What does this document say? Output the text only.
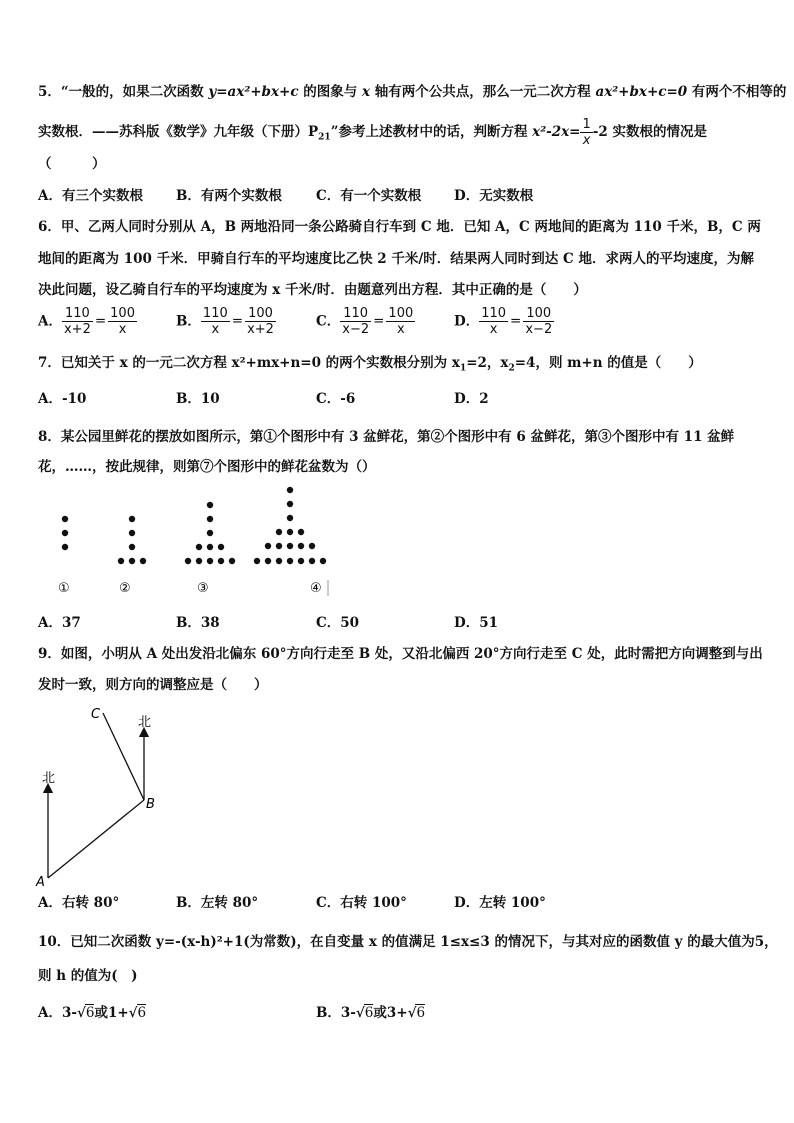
5．“一般的，如果二次函数 y=ax²+bx+c 的图象与 x 轴有两个公共点，那么一元二次方程 ax²+bx+c=0 有两个不相等的
实数根．——苏科版《数学》九年级（下册）$P_{21}$”参考上述教材中的话，判断方程 $x^2-2x= \frac{1}{x} -2$ 实数根的情况是
（　　　）
A．有三个实数根 B．有两个实数根	C．有一个实数根 D．无实数根
6．甲、乙两人同时分别从 A，B 两地沿同一条公路骑自行车到 C 地．已知 A，C 两地间的距离为 110 千米，B，C 两
地间的距离为 100 千米．甲骑自行车的平均速度比乙快 2 千米/时．结果两人同时到达 C 地．求两人的平均速度，为解
决此问题，设乙骑自行车的平均速度为 x 千米/时．由题意列出方程．其中正确的是（　　）
A． $\frac{110}{x+2} = \frac{100}{x}$	B． $\frac{110}{x} = \frac{100}{x+2}$	C． $\frac{110}{x-2} = \frac{100}{x}$	D． $\frac{110}{x} = \frac{100}{x-2}$
7．已知关于 x 的一元二次方程 x²+mx+n=0 的两个实数根分别为 $x_1=2$，$x_2=4$，则 m+n 的值是（　　）
A．-10	B．10	C．-6	D．2
8．某公园里鲜花的摆放如图所示，第①个图形中有 3 盆鲜花，第②个图形中有 6 盆鲜花，第③个图形中有 11 盆鲜
花，……，按此规律，则第⑦个图形中的鲜花盆数为（）
①	②	③	④
A．37	B．38	C．50	D．51
9．如图，小明从 A 处出发沿北偏东 60°方向行走至 B 处，又沿北偏西 20°方向行走至 C 处，此时需把方向调整到与出
发时一致，则方向的调整应是（　　）
北
北
A
B
C
A．右转 80°	B．左转 80°	C．右转 100°	D．左转 100°
10．已知二次函数 y=-(x-h)²+1(为常数)，在自变量 x 的值满足 1≤x≤3 的情况下，与其对应的函数值 y 的最大值为5，
则 h 的值为(　)
A．3-√6或1+√6	B．3-√6或3+√6
